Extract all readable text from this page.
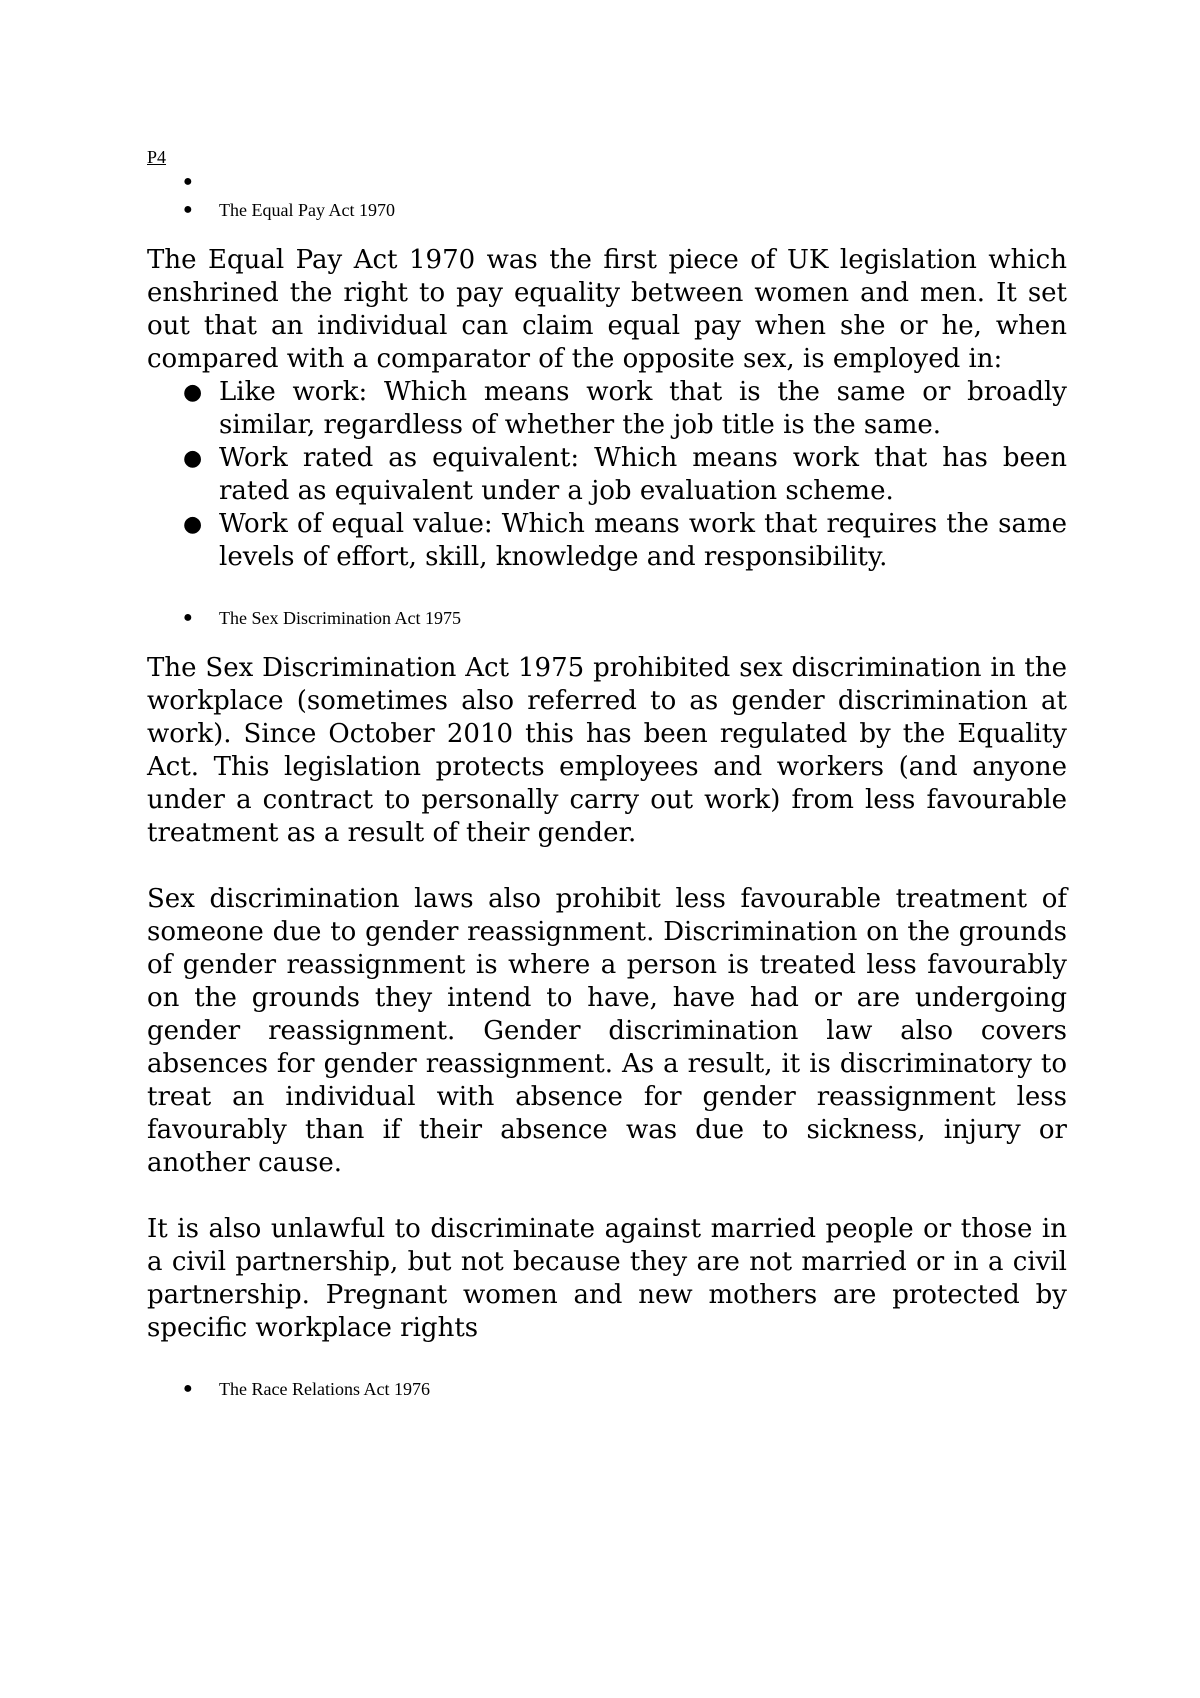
P4
●
● The Equal Pay Act 1970

The Equal Pay Act 1970 was the first piece of UK legislation which enshrined the right to pay equality between women and men. It set out that an individual can claim equal pay when she or he, when compared with a comparator of the opposite sex, is employed in:

● Like work: Which means work that is the same or broadly similar, regardless of whether the job title is the same.
● Work rated as equivalent: Which means work that has been rated as equivalent under a job evaluation scheme.
● Work of equal value: Which means work that requires the same levels of effort, skill, knowledge and responsibility.
● The Sex Discrimination Act 1975

The Sex Discrimination Act 1975 prohibited sex discrimination in the workplace (sometimes also referred to as gender discrimination at work). Since October 2010 this has been regulated by the Equality Act. This legislation protects employees and workers (and anyone under a contract to personally carry out work) from less favourable treatment as a result of their gender.

Sex discrimination laws also prohibit less favourable treatment of someone due to gender reassignment. Discrimination on the grounds of gender reassignment is where a person is treated less favourably on the grounds they intend to have, have had or are undergoing gender reassignment. Gender discrimination law also covers absences for gender reassignment. As a result, it is discriminatory to treat an individual with absence for gender reassignment less favourably than if their absence was due to sickness, injury or another cause.

It is also unlawful to discriminate against married people or those in a civil partnership, but not because they are not married or in a civil partnership. Pregnant women and new mothers are protected by specific workplace rights

● The Race Relations Act 1976
